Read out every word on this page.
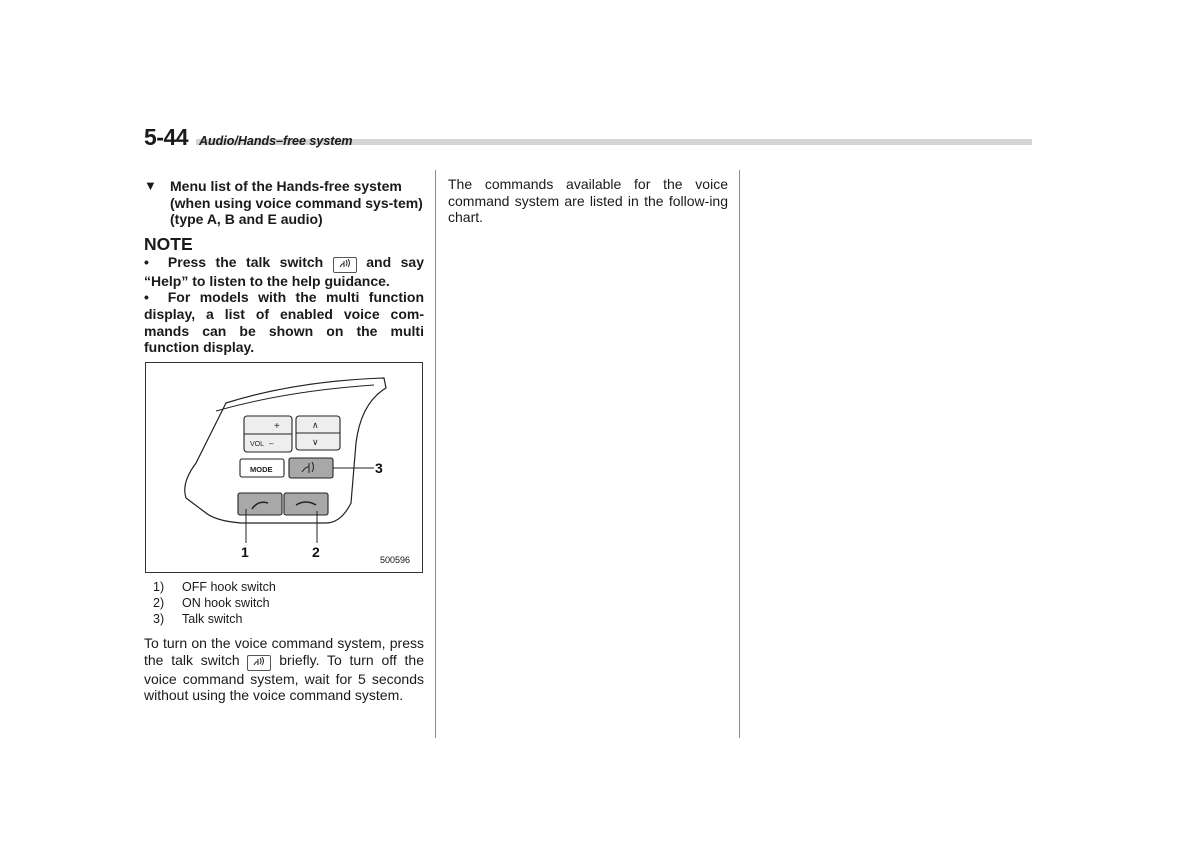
5-44 Audio/Hands–free system
▼ Menu list of the Hands-free system (when using voice command sys-tem) (type A, B and E audio)
NOTE
• Press the talk switch	and say “Help” to listen to the help guidance.
• For models with the multi function display, a list of enabled voice com-mands can be shown on the multi function display.
+
VOL –
∧
∨
MODE
1	2
3
500596
1)	OFF hook switch
2)	ON hook switch
3)	Talk switch
To turn on the voice command system, press the talk switch	briefly. To turn off the voice command system, wait for 5 seconds without using the voice command system.
The commands available for the voice command system are listed in the follow-ing chart.
